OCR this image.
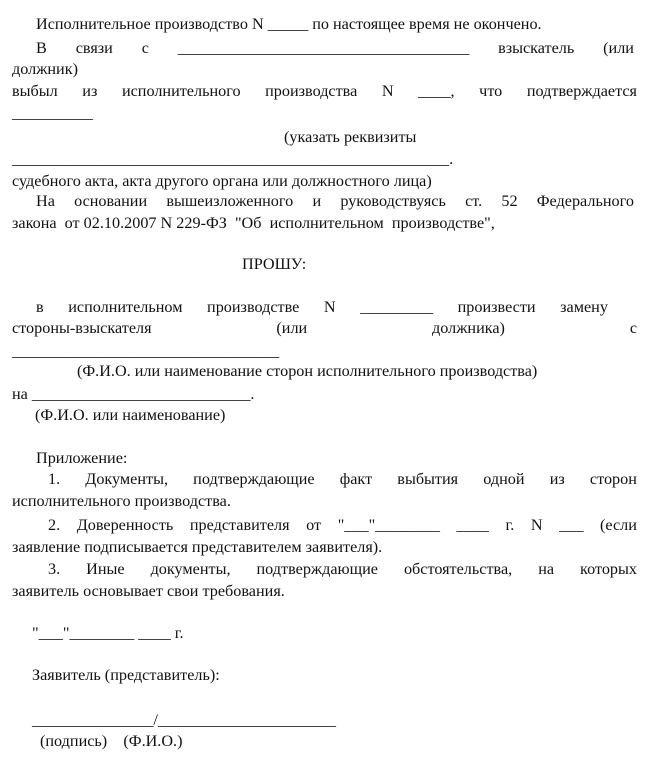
Исполнительное производство N _____ по настоящее время не окончено.
В связи с ____________________________________ взыскатель (или
должник)
выбыл из исполнительного производства N ____, что подтверждается
__________
(указать реквизиты
______________________________________________________.
судебного акта, акта другого органа или должностного лица)
На основании вышеизложенного и руководствуясь ст. 52 Федерального
закона  от 02.10.2007 N 229-ФЗ  "Об  исполнительном  производстве",
ПРОШУ:
в исполнительном производстве N _________ произвести замену
стороны-взыскателя	(или	должника)	с
_________________________________
(Ф.И.О. или наименование сторон исполнительного производства)
на ___________________________.
(Ф.И.О. или наименование)
Приложение:
1. Документы, подтверждающие факт выбытия одной из сторон
исполнительного производства.
2. Доверенность представителя от "___"________ ____ г. N ___ (если
заявление подписывается представителем заявителя).
3. Иные документы, подтверждающие обстоятельства, на которых
заявитель основывает свои требования.
"___"________ ____ г.
Заявитель (представитель):
_______________/______________________
(подпись)    (Ф.И.О.)
